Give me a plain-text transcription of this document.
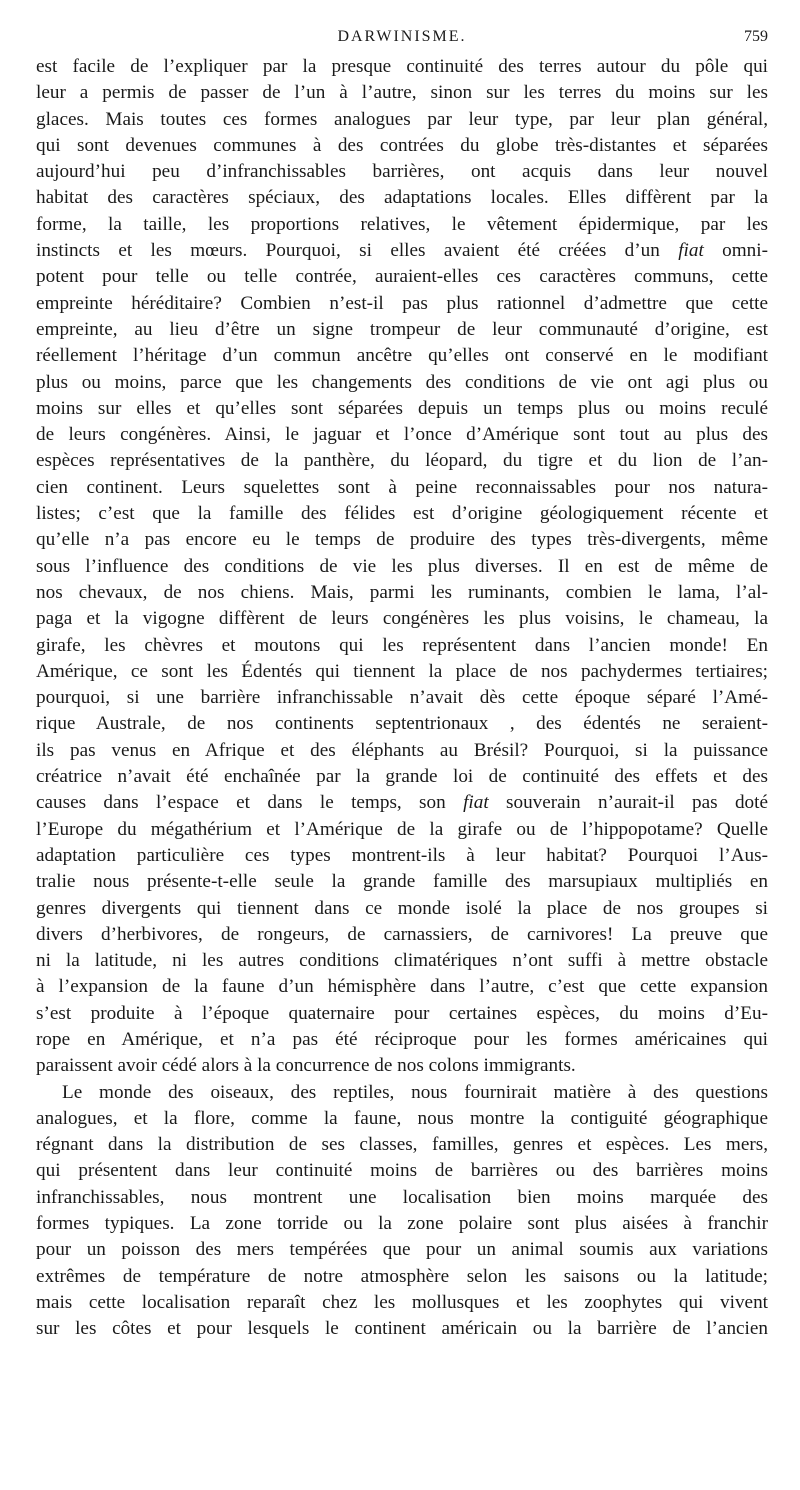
DARWINISME.	759
est facile de l’expliquer par la presque continuité des terres autour du pôle qui
leur a permis de passer de l’un à l’autre, sinon sur les terres du moins sur les
glaces. Mais toutes ces formes analogues par leur type, par leur plan général,
qui sont devenues communes à des contrées du globe très-distantes et séparées
aujourd’hui peu d’infranchissables barrières, ont acquis dans leur nouvel
habitat des caractères spéciaux, des adaptations locales. Elles diffèrent par la
forme, la taille, les proportions relatives, le vêtement épidermique, par les
instincts et les mœurs. Pourquoi, si elles avaient été créées d’un fiat omni-
potent pour telle ou telle contrée, auraient-elles ces caractères communs, cette
empreinte héréditaire? Combien n’est-il pas plus rationnel d’admettre que cette
empreinte, au lieu d’être un signe trompeur de leur communauté d’origine, est
réellement l’héritage d’un commun ancêtre qu’elles ont conservé en le modifiant
plus ou moins, parce que les changements des conditions de vie ont agi plus ou
moins sur elles et qu’elles sont séparées depuis un temps plus ou moins reculé
de leurs congénères. Ainsi, le jaguar et l’once d’Amérique sont tout au plus des
espèces représentatives de la panthère, du léopard, du tigre et du lion de l’an-
cien continent. Leurs squelettes sont à peine reconnaissables pour nos natura-
listes; c’est que la famille des félides est d’origine géologiquement récente et
qu’elle n’a pas encore eu le temps de produire des types très-divergents, même
sous l’influence des conditions de vie les plus diverses. Il en est de même de
nos chevaux, de nos chiens. Mais, parmi les ruminants, combien le lama, l’al-
paga et la vigogne diffèrent de leurs congénères les plus voisins, le chameau, la
girafe, les chèvres et moutons qui les représentent dans l’ancien monde! En
Amérique, ce sont les Édentés qui tiennent la place de nos pachydermes tertiaires;
pourquoi, si une barrière infranchissable n’avait dès cette époque séparé l’Amé-
rique Australe, de nos continents septentrionaux , des édentés ne seraient-
ils pas venus en Afrique et des éléphants au Brésil? Pourquoi, si la puissance
créatrice n’avait été enchaînée par la grande loi de continuité des effets et des
causes dans l’espace et dans le temps, son fiat souverain n’aurait-il pas doté
l’Europe du mégathérium et l’Amérique de la girafe ou de l’hippopotame? Quelle
adaptation particulière ces types montrent-ils à leur habitat? Pourquoi l’Aus-
tralie nous présente-t-elle seule la grande famille des marsupiaux multipliés en
genres divergents qui tiennent dans ce monde isolé la place de nos groupes si
divers d’herbivores, de rongeurs, de carnassiers, de carnivores! La preuve que
ni la latitude, ni les autres conditions climatériques n’ont suffi à mettre obstacle
à l’expansion de la faune d’un hémisphère dans l’autre, c’est que cette expansion
s’est produite à l’époque quaternaire pour certaines espèces, du moins d’Eu-
rope en Amérique, et n’a pas été réciproque pour les formes américaines qui
paraissent avoir cédé alors à la concurrence de nos colons immigrants.
Le monde des oiseaux, des reptiles, nous fournirait matière à des questions
analogues, et la flore, comme la faune, nous montre la contiguité géographique
régnant dans la distribution de ses classes, familles, genres et espèces. Les mers,
qui présentent dans leur continuité moins de barrières ou des barrières moins
infranchissables, nous montrent une localisation bien moins marquée des
formes typiques. La zone torride ou la zone polaire sont plus aisées à franchir
pour un poisson des mers tempérées que pour un animal soumis aux variations
extrêmes de température de notre atmosphère selon les saisons ou la latitude;
mais cette localisation reparaît chez les mollusques et les zoophytes qui vivent
sur les côtes et pour lesquels le continent américain ou la barrière de l’ancien
